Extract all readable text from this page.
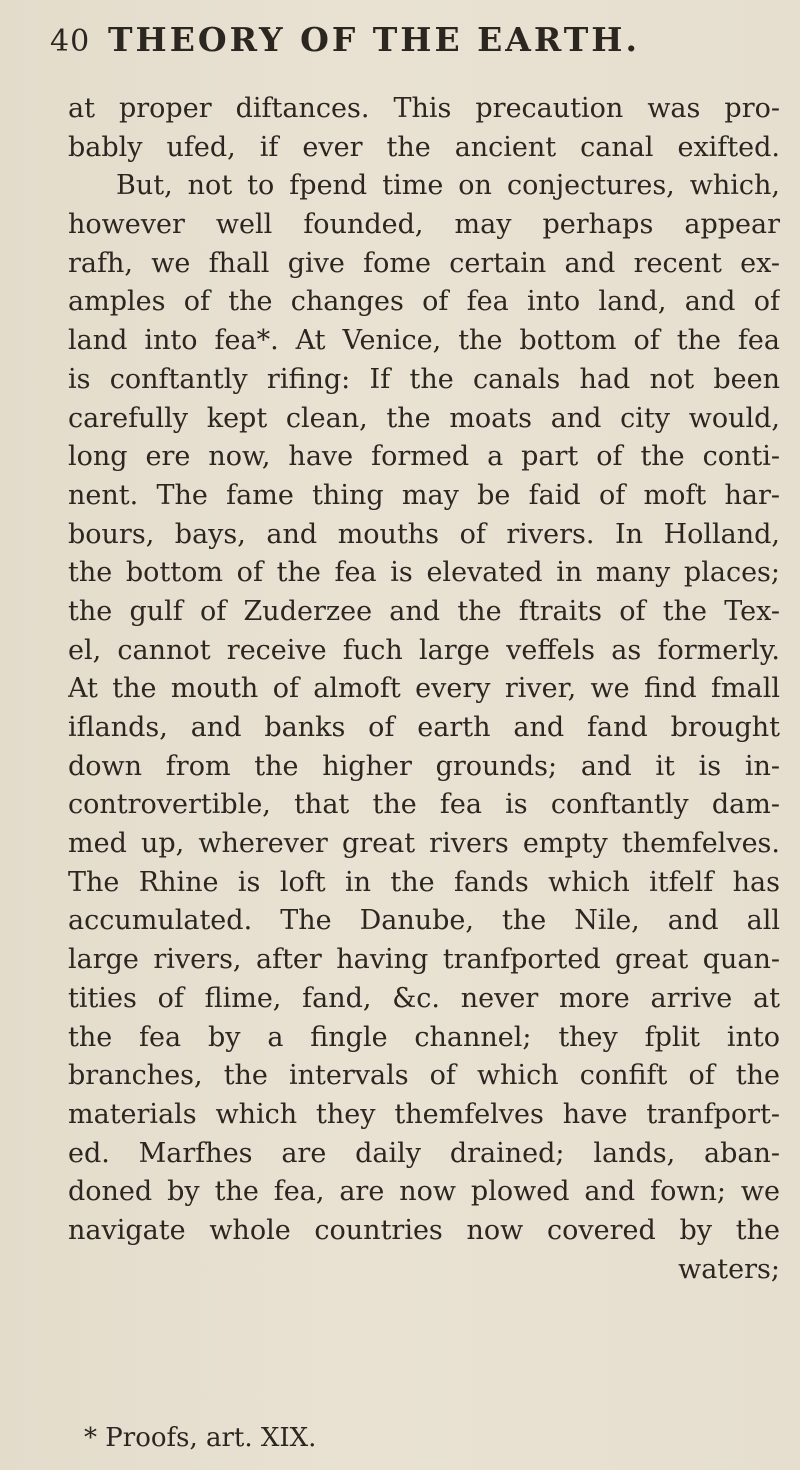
40 THEORY OF THE EARTH.
at proper diftances. This precaution was pro-
bably ufed, if ever the ancient canal exifted.
But, not to fpend time on conjectures, which,
however well founded, may perhaps appear
rafh, we fhall give fome certain and recent ex-
amples of the changes of fea into land, and of
land into fea*. At Venice, the bottom of the fea
is conftantly rifing: If the canals had not been
carefully kept clean, the moats and city would,
long ere now, have formed a part of the conti-
nent. The fame thing may be faid of moft har-
bours, bays, and mouths of rivers. In Holland,
the bottom of the fea is elevated in many places;
the gulf of Zuderzee and the ftraits of the Tex-
el, cannot receive fuch large veffels as formerly.
At the mouth of almoft every river, we find fmall
iflands, and banks of earth and fand brought
down from the higher grounds; and it is in-
controvertible, that the fea is conftantly dam-
med up, wherever great rivers empty themfelves.
The Rhine is loft in the fands which itfelf has
accumulated. The Danube, the Nile, and all
large rivers, after having tranfported great quan-
tities of flime, fand, &c. never more arrive at
the fea by a fingle channel; they fplit into
branches, the intervals of which confift of the
materials which they themfelves have tranfport-
ed. Marfhes are daily drained; lands, aban-
doned by the fea, are now plowed and fown; we
navigate whole countries now covered by the
waters;
* Proofs, art. XIX.
